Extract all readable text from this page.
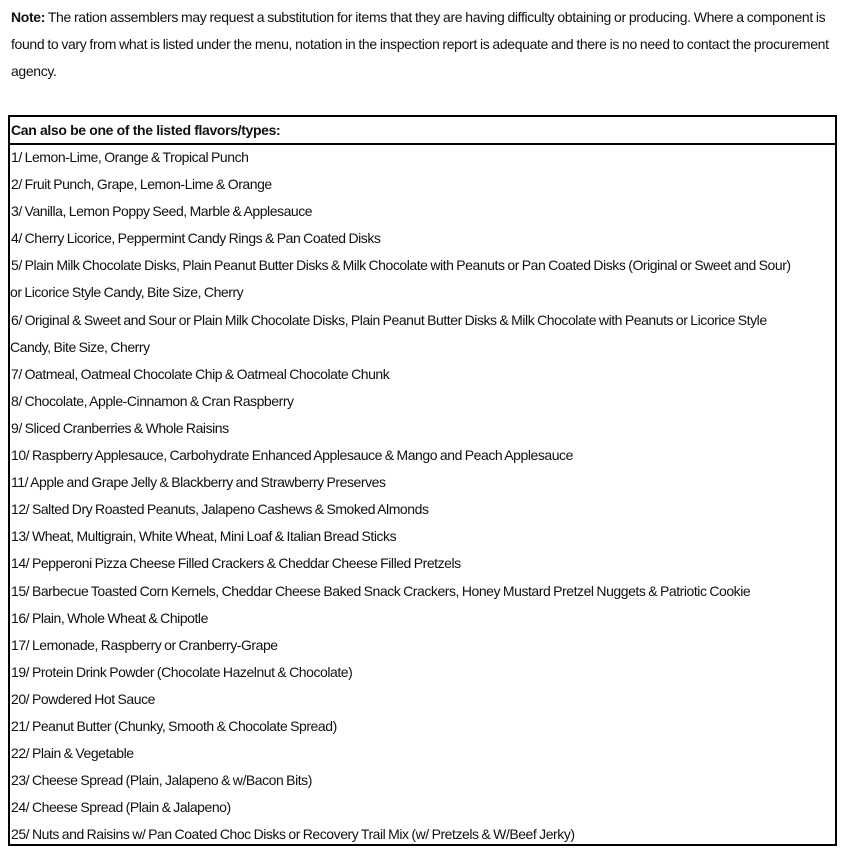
Note: The ration assemblers may request a substitution for items that they are having difficulty obtaining or producing. Where a component is found to vary from what is listed under the menu, notation in the inspection report is adequate and there is no need to contact the procurement agency.
Can also be one of the listed flavors/types:
1/ Lemon-Lime, Orange & Tropical Punch
2/ Fruit Punch, Grape, Lemon-Lime & Orange
3/ Vanilla, Lemon Poppy Seed, Marble & Applesauce
4/ Cherry Licorice, Peppermint Candy Rings & Pan Coated Disks
5/ Plain Milk Chocolate Disks, Plain Peanut Butter Disks & Milk Chocolate with Peanuts or Pan Coated Disks (Original or Sweet and Sour)
or Licorice Style Candy, Bite Size, Cherry
6/ Original & Sweet and Sour or Plain Milk Chocolate Disks, Plain Peanut Butter Disks & Milk Chocolate with Peanuts or Licorice Style
Candy, Bite Size, Cherry
7/ Oatmeal, Oatmeal Chocolate Chip & Oatmeal Chocolate Chunk
8/ Chocolate, Apple-Cinnamon & Cran Raspberry
9/ Sliced Cranberries & Whole Raisins
10/ Raspberry Applesauce, Carbohydrate Enhanced Applesauce & Mango and Peach Applesauce
11/ Apple and Grape Jelly & Blackberry and Strawberry Preserves
12/ Salted Dry Roasted Peanuts, Jalapeno Cashews & Smoked Almonds
13/ Wheat, Multigrain, White Wheat, Mini Loaf & Italian Bread Sticks
14/ Pepperoni Pizza Cheese Filled Crackers & Cheddar Cheese Filled Pretzels
15/ Barbecue Toasted Corn Kernels, Cheddar Cheese Baked Snack Crackers, Honey Mustard Pretzel Nuggets & Patriotic Cookie
16/ Plain, Whole Wheat & Chipotle
17/ Lemonade, Raspberry or Cranberry-Grape
19/ Protein Drink Powder (Chocolate Hazelnut & Chocolate)
20/ Powdered Hot Sauce
21/ Peanut Butter (Chunky, Smooth & Chocolate Spread)
22/ Plain & Vegetable
23/ Cheese Spread (Plain, Jalapeno & w/Bacon Bits)
24/ Cheese Spread (Plain & Jalapeno)
25/ Nuts and Raisins w/ Pan Coated Choc Disks or Recovery Trail Mix (w/ Pretzels & W/Beef Jerky)
